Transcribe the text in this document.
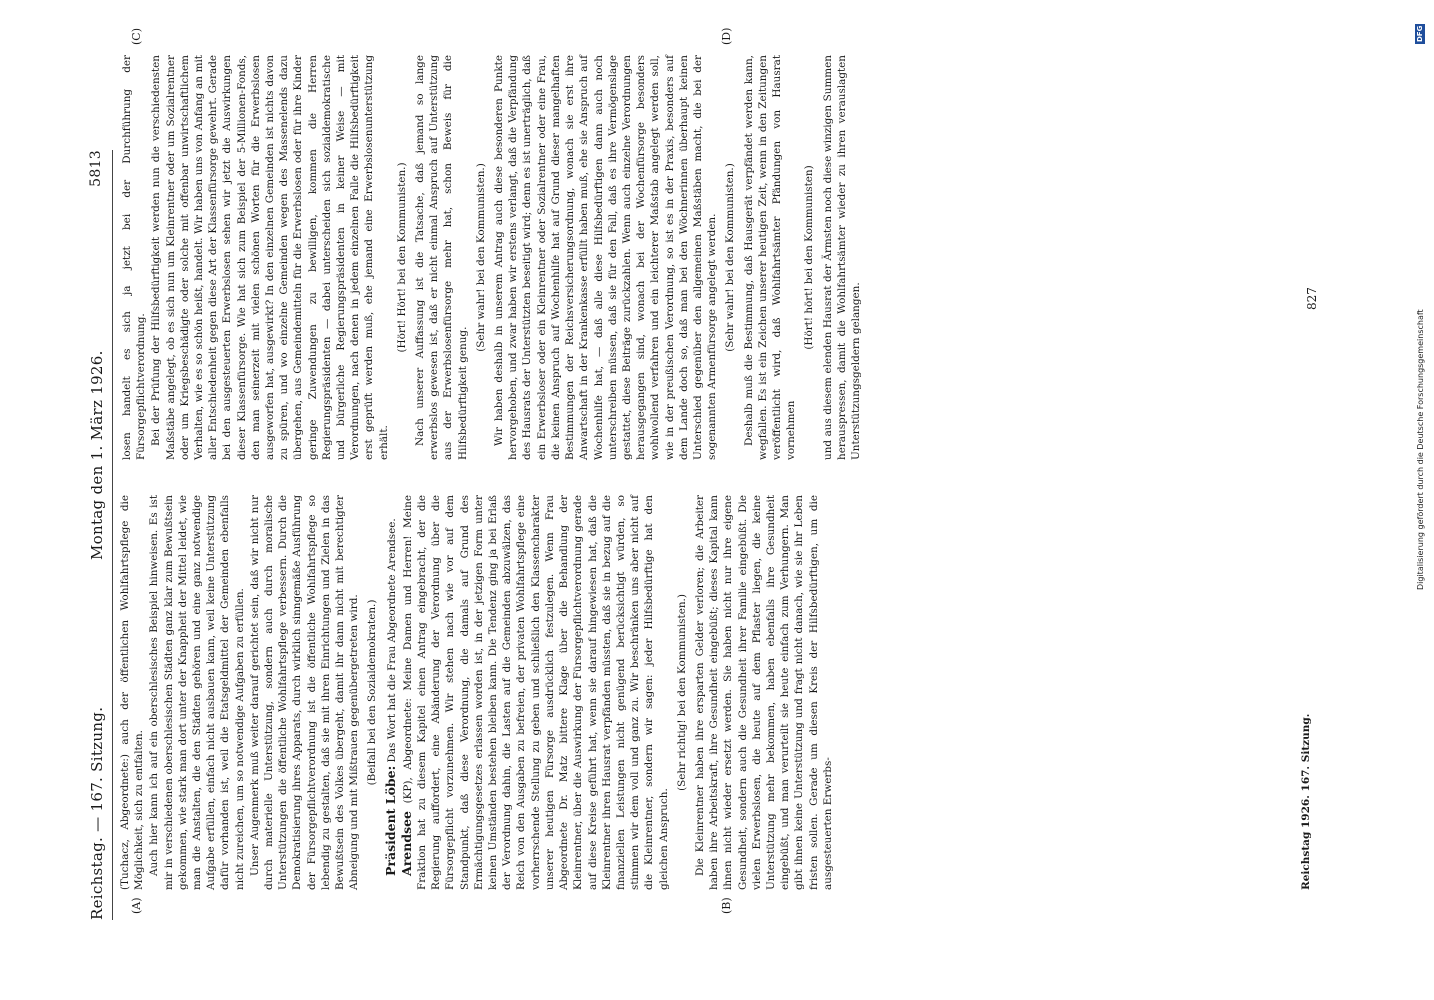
Reichstag. — 167. Sitzung.
Montag den 1. März 1926.
5813
(A)	(B)
(C)	(D)

(Tuchacz, Abgeordnete:) auch der öffentlichen Wohlfahrtspflege die Möglichkeit, sich zu entfalten. Auch hier kann ich auf ein oberschlesisches Beispiel hinweisen. Es ist mir in verschiedenen oberschlesischen Städten ganz klar zum Bewußtsein gekommen, wie stark man dort unter der Knappheit der Mittel leidet, wie man die Anstalten, die den Städten gehören und eine ganz notwendige Aufgabe erfüllen, einfach nicht ausbauen kann, weil keine Unterstützung dafür vorhanden ist, weil die Etatsgeldmittel der Gemeinden ebenfalls nicht zureichen, um so notwendige Aufgaben zu erfüllen. Unser Augenmerk muß weiter darauf gerichtet sein, daß wir nicht nur durch materielle Unterstützung, sondern auch durch moralische Unterstützungen die öffentliche Wohlfahrtspflege verbessern. Durch die Demokratisierung ihres Apparats, durch wirklich sinngemäße Ausführung der Fürsorgepflichtverordnung ist die öffentliche Wohlfahrtspflege so lebendig zu gestalten, daß sie mit ihren Einrichtungen und Zielen in das Bewußtsein des Volkes übergeht, damit ihr dann nicht mit berechtigter Abneigung und mit Mißtrauen gegenübergetreten wird. (Beifall bei den Sozialdemokraten.)

Präsident Löbe: Das Wort hat die Frau Abgeordnete Arendsee.

Arendsee (KP), Abgeordnete: Meine Damen und Herren! Meine Fraktion hat zu diesem Kapitel einen Antrag eingebracht, der die Regierung auffordert, eine Abänderung der Verordnung über die Fürsorgepflicht vorzunehmen. Wir stehen nach wie vor auf dem Standpunkt, daß diese Verordnung, die damals auf Grund des Ermächtigungsgesetzes erlassen worden ist, in der jetzigen Form unter keinen Umständen bestehen bleiben kann. Die Tendenz ging ja bei Erlaß der Verordnung dahin, die Lasten auf die Gemeinden abzuwälzen, das Reich von den Ausgaben zu befreien, der privaten Wohlfahrtspflege eine vorherrschende Stellung zu geben und schließlich den Klassencharakter unserer heutigen Fürsorge ausdrücklich festzulegen. Wenn Frau Abgeordnete Dr. Matz bittere Klage über die Behandlung der Kleinrentner, über die Auswirkung der Fürsorgepflichtverordnung gerade auf diese Kreise geführt hat, wenn sie darauf hingewiesen hat, daß die Kleinrentner ihren Hausrat verpfänden müssten, daß sie in bezug auf die finanziellen Leistungen nicht genügend berücksichtigt würden, so stimmen wir dem voll und ganz zu. Wir beschränken uns aber nicht auf die Kleinrentner, sondern wir sagen: jeder Hilfsbedürftige hat den gleichen Anspruch.

(Sehr richtig! bei den Kommunisten.) Die Kleinrentner haben ihre ersparten Gelder verloren; die Arbeiter haben ihre Arbeitskraft, ihre Gesundheit eingebüßt; dieses Kapital kann ihnen nicht wieder ersetzt werden. Sie haben nicht nur ihre eigene Gesundheit, sondern auch die Gesundheit ihrer Familie eingebüßt. Die vielen Erwerbslosen, die heute auf dem Pflaster liegen, die keine Unterstützung mehr bekommen, haben ebenfalls ihre Gesundheit eingebüßt, und man verurteilt sie heute einfach zum Verhungern. Man gibt ihnen keine Unterstützung und fragt nicht danach, wie sie ihr Leben fristen sollen. Gerade um diesen Kreis der Hilfsbedürftigen, um die ausgesteuerten Erwerbs-

losen handelt es sich ja jetzt bei der Durchführung der Fürsorgepflichtverordnung. Bei der Prüfung der Hilfsbedürftigkeit werden nun die verschiedensten Maßstäbe angelegt, ob es sich nun um Kleinrentner oder um Sozialrentner oder um Kriegsbeschädigte oder solche mit offenbar unwirtschaftlichem Verhalten, wie es so schön heißt, handelt. Wir haben uns von Anfang an mit aller Entschiedenheit gegen diese Art der Klassenfürsorge gewehrt. Gerade bei den ausgesteuerten Erwerbslosen sehen wir jetzt die Auswirkungen dieser Klassenfürsorge. Wie hat sich zum Beispiel der 5-Millionen-Fonds, den man seinerzeit mit vielen schönen Worten für die Erwerbslosen ausgeworfen hat, ausgewirkt? In den einzelnen Gemeinden ist nichts davon zu spüren, und wo einzelne Gemeinden wegen des Massenelends dazu übergehen, aus Gemeindemitteln für die Erwerbslosen oder für ihre Kinder geringe Zuwendungen zu bewilligen, kommen die Herren Regierungspräsidenten — dabei unterscheiden sich sozialdemokratische und bürgerliche Regierungspräsidenten in keiner Weise — mit Verordnungen, nach denen in jedem einzelnen Falle die Hilfsbedürftigkeit erst geprüft werden muß, ehe jemand eine Erwerbslosenunterstützung erhält.

(Hört! Hört! bei den Kommunisten.) Nach unserer Auffassung ist die Tatsache, daß jemand so lange erwerbslos gewesen ist, daß er nicht einmal Anspruch auf Unterstützung aus der Erwerbslosenfürsorge mehr hat, schon Beweis für die Hilfsbedürftigkeit genug.

(Sehr wahr! bei den Kommunisten.) Wir haben deshalb in unserem Antrag auch diese besonderen Punkte hervorgehoben, und zwar haben wir erstens verlangt, daß die Verpfändung des Hausrats der Unterstützten beseitigt wird; denn es ist unerträglich, daß ein Erwerbsloser oder ein Kleinrentner oder Sozialrentner oder eine Frau, die keinen Anspruch auf Wochenhilfe hat auf Grund dieser mangelhaften Bestimmungen der Reichsversicherungsordnung, wonach sie erst ihre Anwartschaft in der Krankenkasse erfüllt haben muß, ehe sie Anspruch auf Wochenhilfe hat, — daß alle diese Hilfsbedürftigen dann auch noch unterschreiben müssen, daß sie für den Fall, daß es ihre Vermögenslage gestattet, diese Beiträge zurückzahlen. Wenn auch einzelne Verordnungen herausgegangen sind, wonach bei der Wochenfürsorge besonders wohlwollend verfahren und ein leichterer Maßstab angelegt werden soll, wie in der preußischen Verordnung, so ist es in der Praxis, besonders auf dem Lande doch so, daß man bei den Wöchnerinnen überhaupt keinen Unterschied gegenüber den allgemeinen Maßstäben macht, die bei der sogenannten Armenfürsorge angelegt werden. (Sehr wahr! bei den Kommunisten.) Deshalb muß die Bestimmung, daß Hausgerät verpfändet werden kann, wegfallen. Es ist ein Zeichen unserer heutigen Zeit, wenn in den Zeitungen veröffentlicht wird, daß Wohlfahrtsämter Pfändungen von Hausrat vornehmen

(Hört! hört! bei den Kommunisten) und aus diesem elenden Hausrat der Ärmsten noch diese winzigen Summen herauspressen, damit die Wohlfahrtsämter wieder zu ihren verauslagten Unterstützungsgeldern gelangen.

Reichstag 1926. 167. Sitzung.
827
Digitalisierung gefördert durch die Deutsche Forschungsgemeinschaft
DFG
